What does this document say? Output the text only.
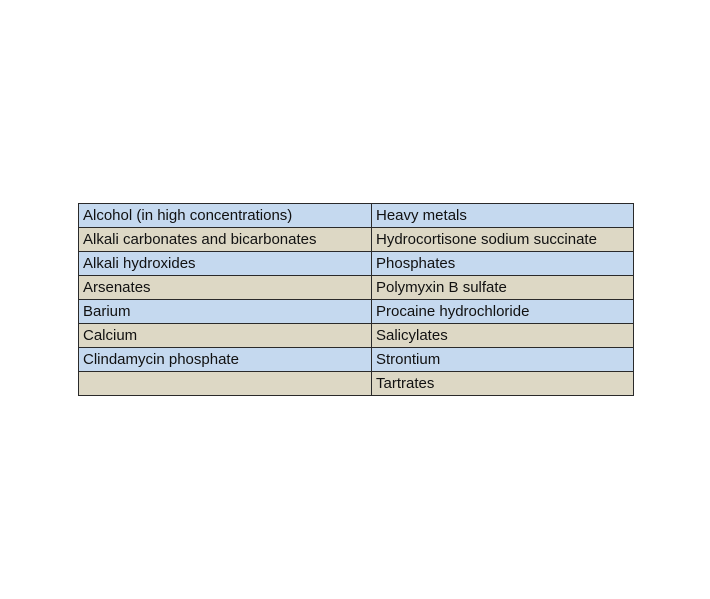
Alcohol (in high concentrations)	Heavy metals
Alkali carbonates and bicarbonates	Hydrocortisone sodium succinate
Alkali hydroxides	Phosphates
Arsenates	Polymyxin B sulfate
Barium	Procaine hydrochloride
Calcium	Salicylates
Clindamycin phosphate	Strontium
	Tartrates
